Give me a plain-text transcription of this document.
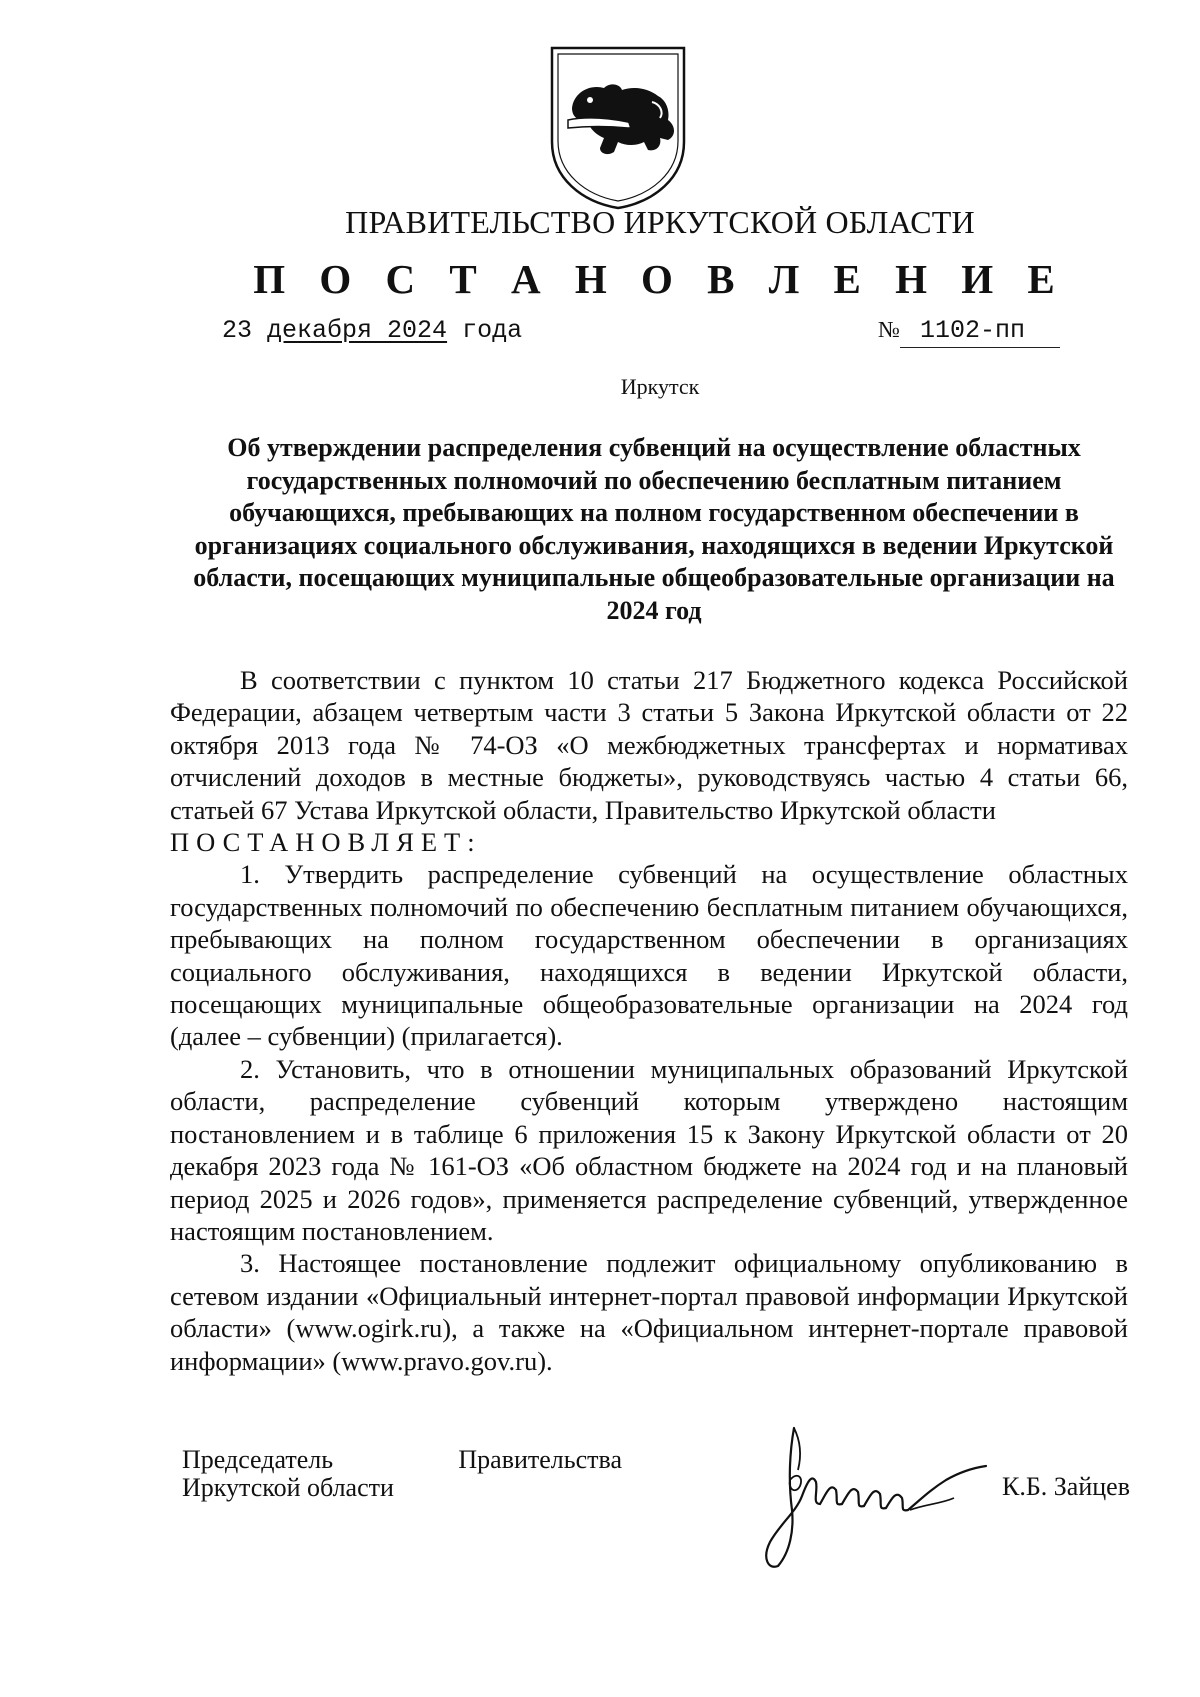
ПРАВИТЕЛЬСТВО ИРКУТСКОЙ ОБЛАСТИ
П О С Т А Н О В Л Е Н И Е
23 декабря 2024 года	№ 1102-пп
Иркутск
Об утверждении распределения субвенций на осуществление областных государственных полномочий по обеспечению бесплатным питанием обучающихся, пребывающих на полном государственном обеспечении в организациях социального обслуживания, находящихся в ведении Иркутской области, посещающих муниципальные общеобразовательные организации на 2024 год

В соответствии с пунктом 10 статьи 217 Бюджетного кодекса Российской Федерации, абзацем четвертым части 3 статьи 5 Закона Иркутской области от 22 октября 2013 года № 74-ОЗ «О межбюджетных трансфертах и нормативах отчислений доходов в местные бюджеты», руководствуясь частью 4 статьи 66, статьей 67 Устава Иркутской области, Правительство Иркутской области

ПОСТАНОВЛЯЕТ:

1. Утвердить распределение субвенций на осуществление областных государственных полномочий по обеспечению бесплатным питанием обучающихся, пребывающих на полном государственном обеспечении в организациях социального обслуживания, находящихся в ведении Иркутской области, посещающих муниципальные общеобразовательные организации на 2024 год (далее – субвенции) (прилагается).

2. Установить, что в отношении муниципальных образований Иркутской области, распределение субвенций которым утверждено настоящим постановлением и в таблице 6 приложения 15 к Закону Иркутской области от 20 декабря 2023 года № 161-ОЗ «Об областном бюджете на 2024 год и на плановый период 2025 и 2026 годов», применяется распределение субвенций, утвержденное настоящим постановлением.

3. Настоящее постановление подлежит официальному опубликованию в сетевом издании «Официальный интернет-портал правовой информации Иркутской области» (www.ogirk.ru), а также на «Официальном интернет-портале правовой информации» (www.pravo.gov.ru).

Председатель	Правительства
Иркутской области	К.Б. Зайцев
